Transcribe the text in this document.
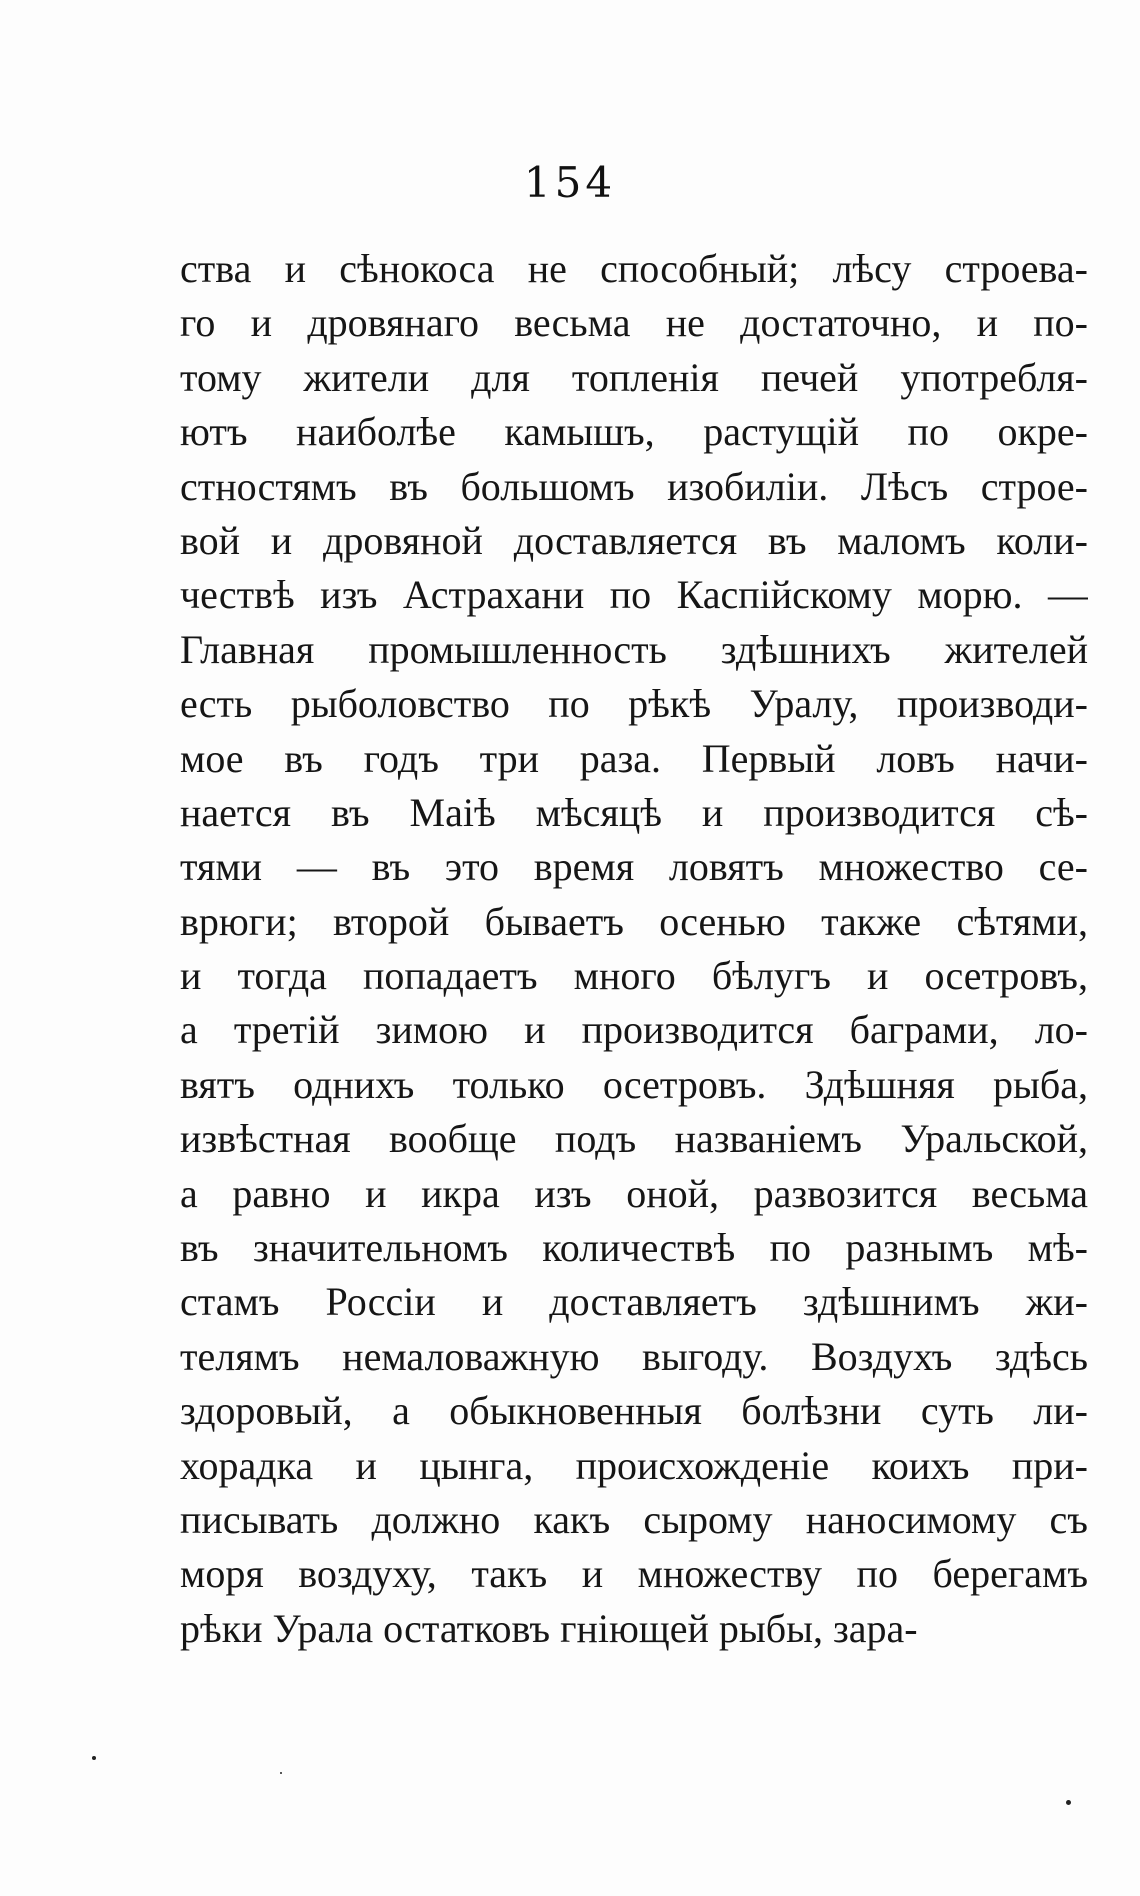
154
ства и сѣнокоса не способный; лѣсу строева-
го и дровянаго весьма не достаточно, и по-
тому жители для топленія печей употребля-
ютъ наиболѣе камышъ, растущій по окре-
стностямъ въ большомъ изобиліи. Лѣсъ строе-
вой и дровяной доставляется въ маломъ коли-
чествѣ изъ Астрахани по Каспійскому морю. —
Главная промышленность здѣшнихъ жителей
есть рыболовство по рѣкѣ Уралу, производи-
мое въ годъ три раза. Первый ловъ начи-
нается въ Маіѣ мѣсяцѣ и производится сѣ-
тями — въ это время ловятъ множество се-
врюги; второй бываетъ осенью также сѣтями,
и тогда попадаетъ много бѣлугъ и осетровъ,
а третій зимою и производится баграми, ло-
вятъ однихъ только осетровъ. Здѣшняя рыба,
извѣстная вообще подъ названіемъ Уральской,
а равно и икра изъ оной, развозится весьма
въ значительномъ количествѣ по разнымъ мѣ-
стамъ Россіи и доставляетъ здѣшнимъ жи-
телямъ немаловажную выгоду. Воздухъ здѣсь
здоровый, а обыкновенныя болѣзни суть ли-
хорадка и цынга, происхожденіе коихъ при-
писывать должно какъ сырому наносимому съ
моря воздуху, такъ и множеству по берегамъ
рѣки Урала остатковъ гніющей рыбы, зара-
